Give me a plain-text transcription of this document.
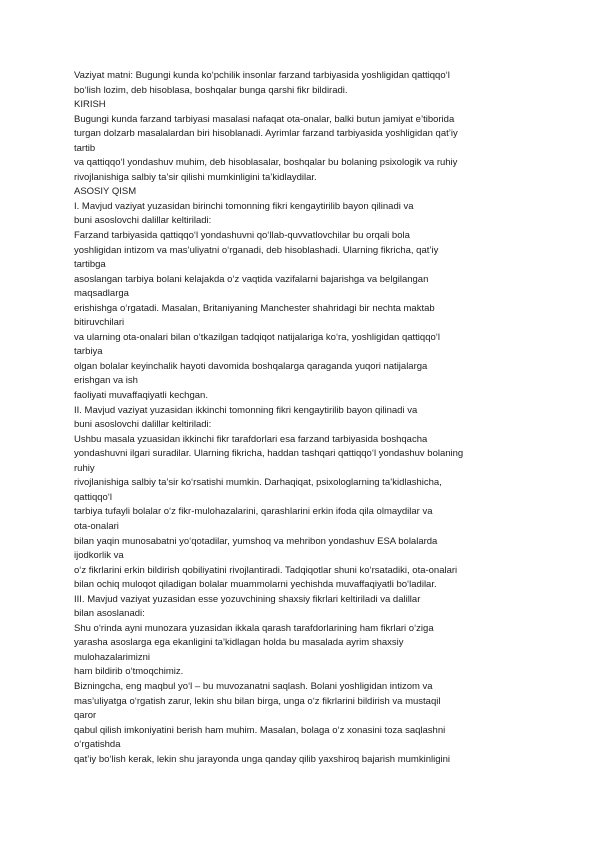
Vaziyat matni: Bugungi kunda ko‘pchilik insonlar farzand tarbiyasida yoshligidan qattiqqo‘l
bo‘lish lozim, deb hisoblasa, boshqalar bunga qarshi fikr bildiradi.
KIRISH
Bugungi kunda farzand tarbiyasi masalasi nafaqat ota-onalar, balki butun jamiyat e’tiborida
turgan dolzarb masalalardan biri hisoblanadi. Ayrimlar farzand tarbiyasida yoshligidan qat’iy
tartib
va qattiqqo‘l yondashuv muhim, deb hisoblasalar, boshqalar bu bolaning psixologik va ruhiy
rivojlanishiga salbiy ta’sir qilishi mumkinligini ta’kidlaydilar.
ASOSIY QISM
I. Mavjud vaziyat yuzasidan birinchi tomonning fikri kengaytirilib bayon qilinadi va
buni asoslovchi dalillar keltiriladi:
Farzand tarbiyasida qattiqqo‘l yondashuvni qo‘llab-quvvatlovchilar bu orqali bola
yoshligidan intizom va mas’uliyatni o‘rganadi, deb hisoblashadi. Ularning fikricha, qat’iy
tartibga
asoslangan tarbiya bolani kelajakda o‘z vaqtida vazifalarni bajarishga va belgilangan
maqsadlarga
erishishga o‘rgatadi. Masalan, Britaniyaning Manchester shahridagi bir nechta maktab
bitiruvchilari
va ularning ota-onalari bilan o‘tkazilgan tadqiqot natijalariga ko‘ra, yoshligidan qattiqqo‘l
tarbiya
olgan bolalar keyinchalik hayoti davomida boshqalarga qaraganda yuqori natijalarga
erishgan va ish
faoliyati muvaffaqiyatli kechgan.
II. Mavjud vaziyat yuzasidan ikkinchi tomonning fikri kengaytirilib bayon qilinadi va
buni asoslovchi dalillar keltiriladi:
Ushbu masala yzuasidan ikkinchi fikr tarafdorlari esa farzand tarbiyasida boshqacha
yondashuvni ilgari suradilar. Ularning fikricha, haddan tashqari qattiqqo‘l yondashuv bolaning
ruhiy
rivojlanishiga salbiy ta’sir ko‘rsatishi mumkin. Darhaqiqat, psixologlarning ta’kidlashicha,
qattiqqo‘l
tarbiya tufayli bolalar o‘z fikr-mulohazalarini, qarashlarini erkin ifoda qila olmaydilar va
ota-onalari
bilan yaqin munosabatni yo‘qotadilar, yumshoq va mehribon yondashuv ESA bolalarda
ijodkorlik va
o‘z fikrlarini erkin bildirish qobiliyatini rivojlantiradi. Tadqiqotlar shuni ko‘rsatadiki, ota-onalari
bilan ochiq muloqot qiladigan bolalar muammolarni yechishda muvaffaqiyatli bo‘ladilar.
III. Mavjud vaziyat yuzasidan esse yozuvchining shaxsiy fikrlari keltiriladi va dalillar
bilan asoslanadi:
Shu o‘rinda ayni munozara yuzasidan ikkala qarash tarafdorlarining ham fikrlari o‘ziga
yarasha asoslarga ega ekanligini ta’kidlagan holda bu masalada ayrim shaxsiy
mulohazalarimizni
ham bildirib o‘tmoqchimiz.
Bizningcha, eng maqbul yo‘l – bu muvozanatni saqlash. Bolani yoshligidan intizom va
mas’uliyatga o‘rgatish zarur, lekin shu bilan birga, unga o‘z fikrlarini bildirish va mustaqil
qaror
qabul qilish imkoniyatini berish ham muhim. Masalan, bolaga o‘z xonasini toza saqlashni
o‘rgatishda
qat’iy bo‘lish kerak, lekin shu jarayonda unga qanday qilib yaxshiroq bajarish mumkinligini
